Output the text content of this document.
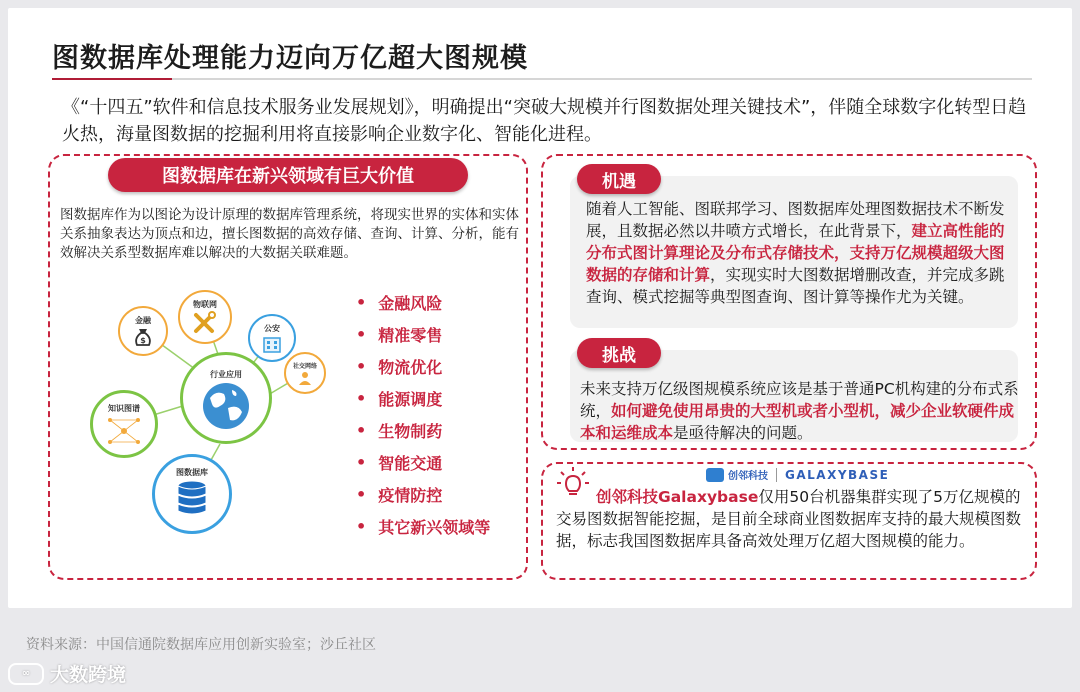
图数据库处理能力迈向万亿超大图规模

《“十四五”软件和信息技术服务业发展规划》，明确提出“突破大规模并行图数据处理关键技术”，伴随全球数字化转型日趋火热，海量图数据的挖掘利用将直接影响企业数字化、智能化进程。

图数据库在新兴领域有巨大价值

图数据库作为以图论为设计原理的数据库管理系统，将现实世界的实体和实体关系抽象表达为顶点和边，擅长图数据的高效存储、查询、计算、分析，能有效解决关系型数据库难以解决的大数据关联难题。

金融
$
物联网
公安
社交网络
行业应用
知识图谱
图数据库
• 金融风险
• 精准零售
• 物流优化
• 能源调度
• 生物制药
• 智能交通
• 疫情防控
• 其它新兴领域等
机遇

随着人工智能、图联邦学习、图数据库处理图数据技术不断发展，且数据必然以井喷方式增长，在此背景下，建立高性能的分布式图计算理论及分布式存储技术，支持万亿规模超级大图数据的存储和计算，实现实时大图数据增删改查，并完成多跳查询、模式挖掘等典型图查询、图计算等操作尤为关键。

挑战

未来支持万亿级图规模系统应该是基于普通PC机构建的分布式系统，如何避免使用昂贵的大型机或者小型机，减少企业软硬件成本和运维成本是亟待解决的问题。

创邻科技 GALAXYBASE

创邻科技Galaxybase仅用50台机器集群实现了5万亿规模的交易图数据智能挖掘，是目前全球商业图数据库支持的最大规模图数据，标志我国图数据库具备高效处理万亿超大图规模的能力。

资料来源：中国信通院数据库应用创新实验室；沙丘社区
∞	大数跨境
